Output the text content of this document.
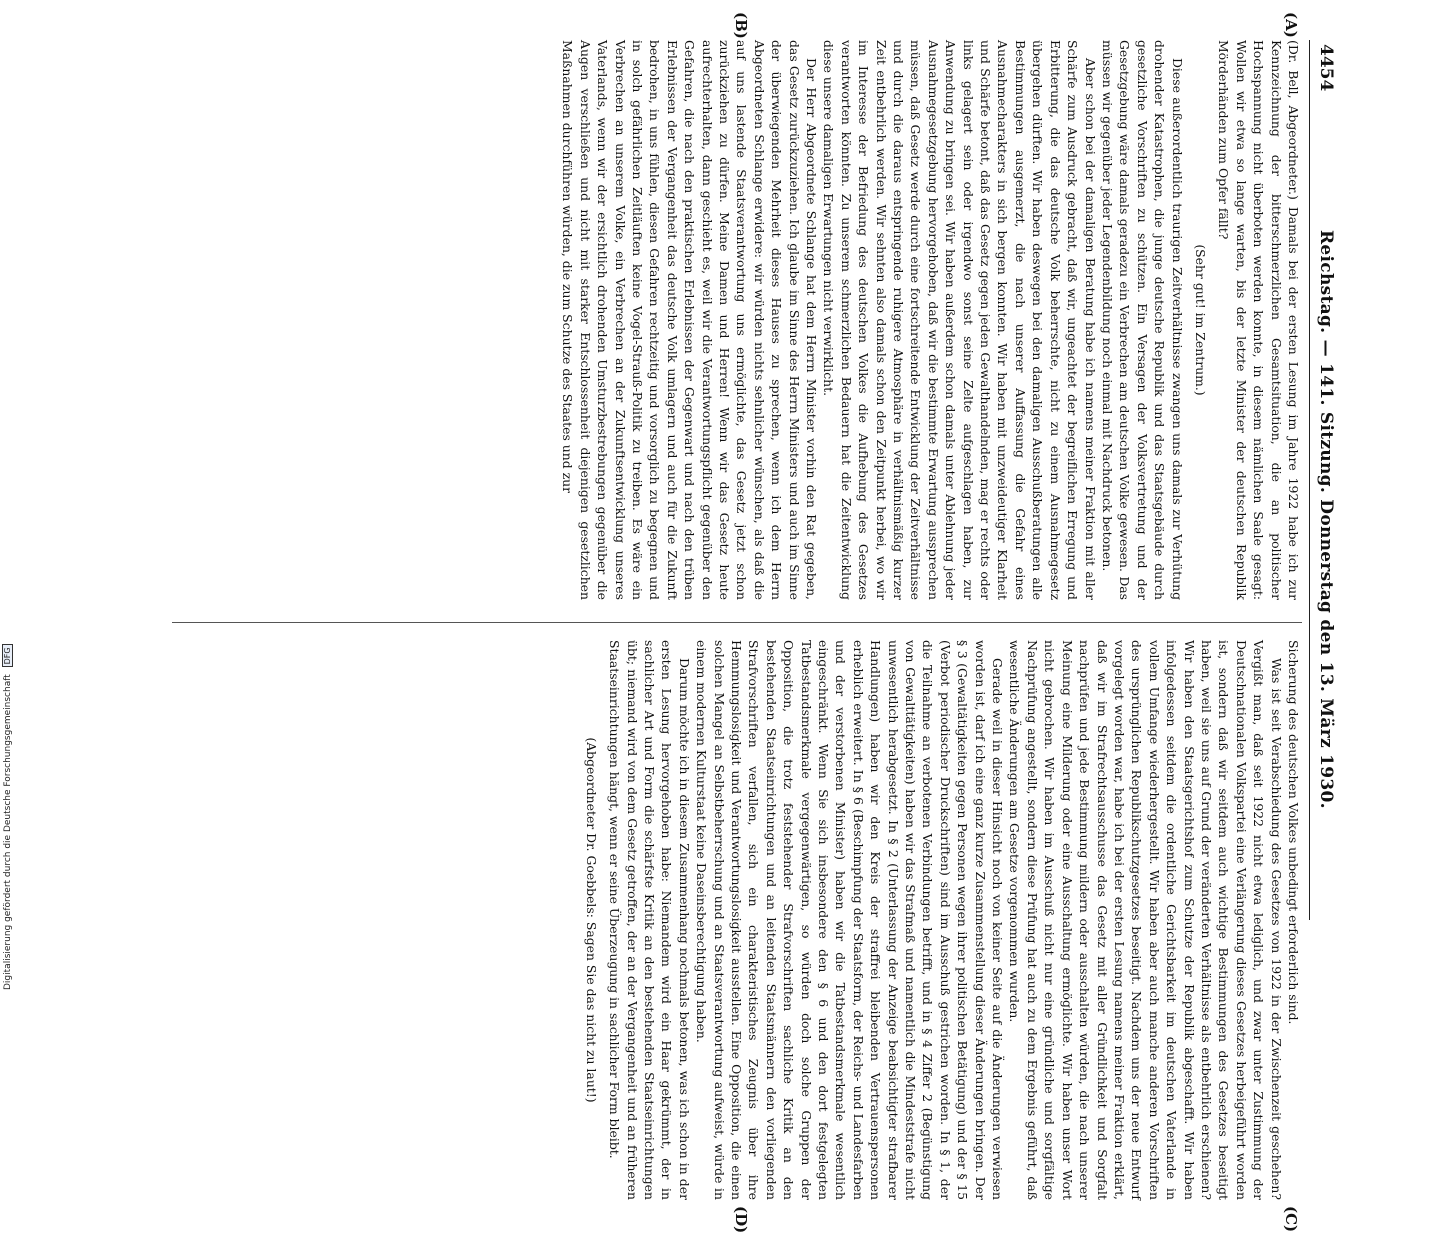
4454
Reichstag. — 141. Sitzung. Donnerstag den 13. März 1930.
(A)
(B)
(C)
(D)

(Dr. Bell, Abgeordneter.) Damals bei der ersten Lesung im Jahre 1922 habe ich zur Kennzeichnung der bitterschmerzlichen Gesamtsituation, die an politischer Hochspannung nicht überboten werden konnte, in diesem nämlichen Saale gesagt: Wollen wir etwa so lange warten, bis der letzte Minister der deutschen Republik Mörderhänden zum Opfer fällt?

(Sehr gut! im Zentrum.)

Diese außerordentlich traurigen Zeitverhältnisse zwangen uns damals zur Verhütung drohender Katastrophen, die junge deutsche Republik und das Staatsgebäude durch gesetzliche Vorschriften zu schützen. Ein Versagen der Volksvertretung und der Gesetzgebung wäre damals geradezu ein Verbrechen am deutschen Volke gewesen. Das müssen wir gegenüber jeder Legendenbildung noch einmal mit Nachdruck betonen.

Aber schon bei der damaligen Beratung habe ich namens meiner Fraktion mit aller Schärfe zum Ausdruck gebracht, daß wir, ungeachtet der begreiflichen Erregung und Erbitterung, die das deutsche Volk beherrschte, nicht zu einem Ausnahmegesetz übergehen dürften. Wir haben deswegen bei den damaligen Ausschußberatungen alle Bestimmungen ausgemerzt, die nach unserer Auffassung die Gefahr eines Ausnahmecharakters in sich bergen konnten. Wir haben mit unzweideutiger Klarheit und Schärfe betont, daß das Gesetz gegen jeden Gewalthandelnden, mag er rechts oder links gelagert sein oder irgendwo sonst seine Zelte aufgeschlagen haben, zur Anwendung zu bringen sei. Wir haben außerdem schon damals unter Ablehnung jeder Ausnahmegesetzgebung hervorgehoben, daß wir die bestimmte Erwartung aussprechen müssen, daß Gesetz werde durch eine fortschreitende Entwicklung der Zeitverhältnisse und durch die daraus entspringende ruhigere Atmosphäre in verhältnismäßig kurzer Zeit entbehrlich werden. Wir sehnten also damals schon den Zeitpunkt herbei, wo wir im Interesse der Befriedung des deutschen Volkes die Aufhebung des Gesetzes verantworten könnten. Zu unserem schmerzlichen Bedauern hat die Zeitentwicklung diese unsere damaligen Erwartungen nicht verwirklicht.

Der Herr Abgeordnete Schlange hat dem Herrn Minister vorhin den Rat gegeben, das Gesetz zurückzuziehen. Ich glaube im Sinne des Herrn Ministers und auch im Sinne der überwiegenden Mehrheit dieses Hauses zu sprechen, wenn ich dem Herrn Abgeordneten Schlange erwidere: wir würden nichts sehnlicher wünschen, als daß die auf uns lastende Staatsverantwortung uns ermöglichte, das Gesetz jetzt schon zurückziehen zu dürfen. Meine Damen und Herren! Wenn wir das Gesetz heute aufrechterhalten, dann geschieht es, weil wir die Verantwortungspflicht gegenüber den Gefahren, die nach den praktischen Erlebnissen der Gegenwart und nach den trüben Erlebnissen der Vergangenheit das deutsche Volk umlagern und auch für die Zukunft bedrohen, in uns fühlen, diesen Gefahren rechtzeitig und vorsorglich zu begegnen und in solch gefährlichen Zeitläuften keine Vogel-Strauß-Politik zu treiben. Es wäre ein Verbrechen an unserem Volke, ein Verbrechen an der Zukunftsentwicklung unseres Vaterlands, wenn wir der ersichtlich drohenden Umsturzbestrebungen gegenüber die Augen verschließen und nicht mit starker Entschlossenheit diejenigen gesetzlichen Maßnahmen durchführen würden, die zum Schutze des Staates und zur

Sicherung des deutschen Volkes unbedingt erforderlich sind.

Was ist seit Verabschiedung des Gesetzes von 1922 in der Zwischenzeit geschehen? Vergißt man, daß seit 1922 nicht etwa lediglich, und zwar unter Zustimmung der Deutschnationalen Volkspartei eine Verlängerung dieses Gesetzes herbeigeführt worden ist, sondern daß wir seitdem auch wichtige Bestimmungen des Gesetzes beseitigt haben, weil sie uns auf Grund der veränderten Verhältnisse als entbehrlich erschienen? Wir haben den Staatsgerichtshof zum Schutze der Republik abgeschafft. Wir haben infolgedessen seitdem die ordentliche Gerichtsbarkeit im deutschen Vaterlande in vollem Umfange wiederhergestellt. Wir haben aber auch manche anderen Vorschriften des ursprünglichen Republikschutzgesetzes beseitigt. Nachdem uns der neue Entwurf vorgelegt worden war, habe ich bei der ersten Lesung namens meiner Fraktion erklärt, daß wir im Strafrechtsausschusse das Gesetz mit aller Gründlichkeit und Sorgfalt nachprüfen und jede Bestimmung mildern oder ausschalten würden, die nach unserer Meinung eine Milderung oder eine Ausschaltung ermöglichte. Wir haben unser Wort nicht gebrochen. Wir haben im Ausschuß nicht nur eine gründliche und sorgfältige Nachprüfung angestellt, sondern diese Prüfung hat auch zu dem Ergebnis geführt, daß wesentliche Änderungen am Gesetze vorgenommen wurden.

Gerade weil in dieser Hinsicht noch von keiner Seite auf die Änderungen verwiesen worden ist, darf ich eine ganz kurze Zusammenstellung dieser Änderungen bringen. Der § 3 (Gewaltätigkeiten gegen Personen wegen ihrer politischen Betätigung) und der § 15 (Verbot periodischer Druckschriften) sind im Ausschuß gestrichen worden. In § 1, der die Teilnahme an verbotenen Verbindungen betrifft, und in § 4 Ziffer 2 (Begünstigung von Gewalttätigkeiten) haben wir das Strafmaß und namentlich die Mindeststrafe nicht unwesentlich herabgesetzt. In § 2 (Unterlassung der Anzeige beabsichtigter strafbarer Handlungen) haben wir den Kreis der straffrei bleibenden Vertrauenspersonen erheblich erweitert. In § 6 (Beschimpfung der Staatsform, der Reichs- und Landesfarben und der verstorbenen Minister) haben wir die Tatbestandsmerkmale wesentlich eingeschränkt. Wenn Sie sich insbesondere den § 6 und den dort festgelegten Tatbestandsmerkmale vergegenwärtigen, so würden doch solche Gruppen der Opposition, die trotz feststehender Strafvorschriften sachliche Kritik an den bestehenden Staatseinrichtungen und an leitenden Staatsmännern den vorliegenden Strafvorschriften verfallen, sich ein charakteristisches Zeugnis über ihre Hemmungslosigkeit und Verantwortungslosigkeit ausstellen. Eine Opposition, die einen solchen Mangel an Selbstbeherrschung und an Staatsverantwortung aufweist, würde in einem modernen Kulturstaat keine Daseinsberechtigung haben.

Darum möchte ich in diesem Zusammenhang nochmals betonen, was ich schon in der ersten Lesung hervorgehoben habe: Niemandem wird ein Haar gekrümmt, der in sachlicher Art und Form die schärfste Kritik an den bestehenden Staatseinrichtungen übt; niemand wird von dem Gesetz getroffen, der an der Vergangenheit und an früheren Staatseinrichtungen hängt, wenn er seine Überzeugung in sachlicher Form bleibt.

(Abgeordneter Dr. Goebbels: Sagen Sie das nicht zu laut!)

Digitalisierung gefördert durch die Deutsche Forschungsgemeinschaft DFG
